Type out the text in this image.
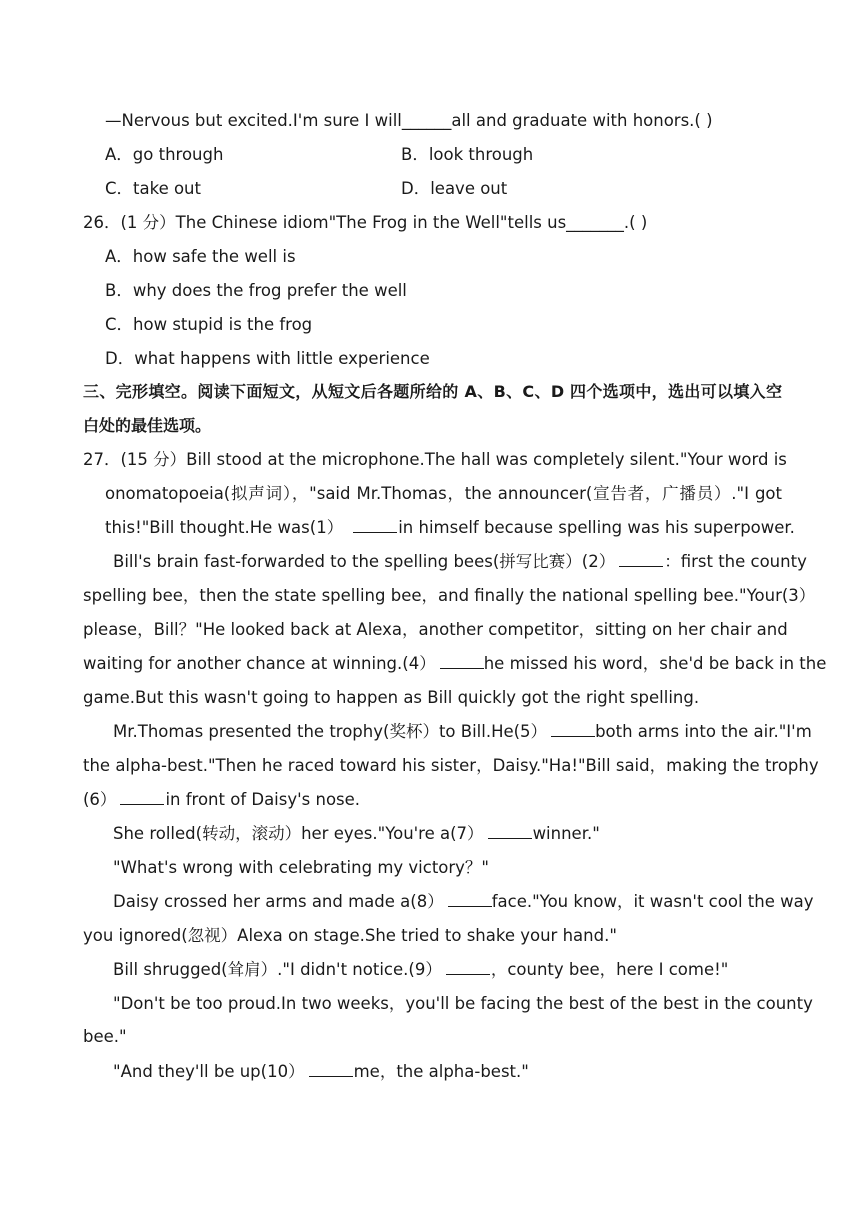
—Nervous but excited.I'm sure I will______all and graduate with honors.( )
A．go through	B．look through
C．take out	D．leave out
26．(1 分）The Chinese idiom"The Frog in the Well"tells us_______.( )
A．how safe the well is
B．why does the frog prefer the well
C．how stupid is the frog
D．what happens with little experience
三、完形填空。阅读下面短文，从短文后各题所给的 A、B、C、D 四个选项中，选出可以填入空
白处的最佳选项。
27．(15 分）Bill stood at the microphone.The hall was completely silent."Your word is
onomatopoeia(拟声词），"said Mr.Thomas，the announcer(宣告者，广播员）."I got
this!"Bill thought.He was(1）	in himself because spelling was his superpower.
Bill's brain fast-forwarded to the spelling bees(拼写比赛）(2）	：first the county
spelling bee，then the state spelling bee，and finally the national spelling bee."Your(3）
please，Bill？"He looked back at Alexa，another competitor，sitting on her chair and
waiting for another chance at winning.(4）	he missed his word，she'd be back in the
game.But this wasn't going to happen as Bill quickly got the right spelling.
Mr.Thomas presented the trophy(奖杯）to Bill.He(5）	both arms into the air."I'm
the alpha-best."Then he raced toward his sister，Daisy."Ha!"Bill said，making the trophy
(6）	in front of Daisy's nose.
She rolled(转动，滚动）her eyes."You're a(7）	winner."
"What's wrong with celebrating my victory？"
Daisy crossed her arms and made a(8）	face."You know，it wasn't cool the way
you ignored(忽视）Alexa on stage.She tried to shake your hand."
Bill shrugged(耸肩）."I didn't notice.(9）	，county bee，here I come!"
"Don't be too proud.In two weeks，you'll be facing the best of the best in the county
bee."
"And they'll be up(10）	me，the alpha-best."
